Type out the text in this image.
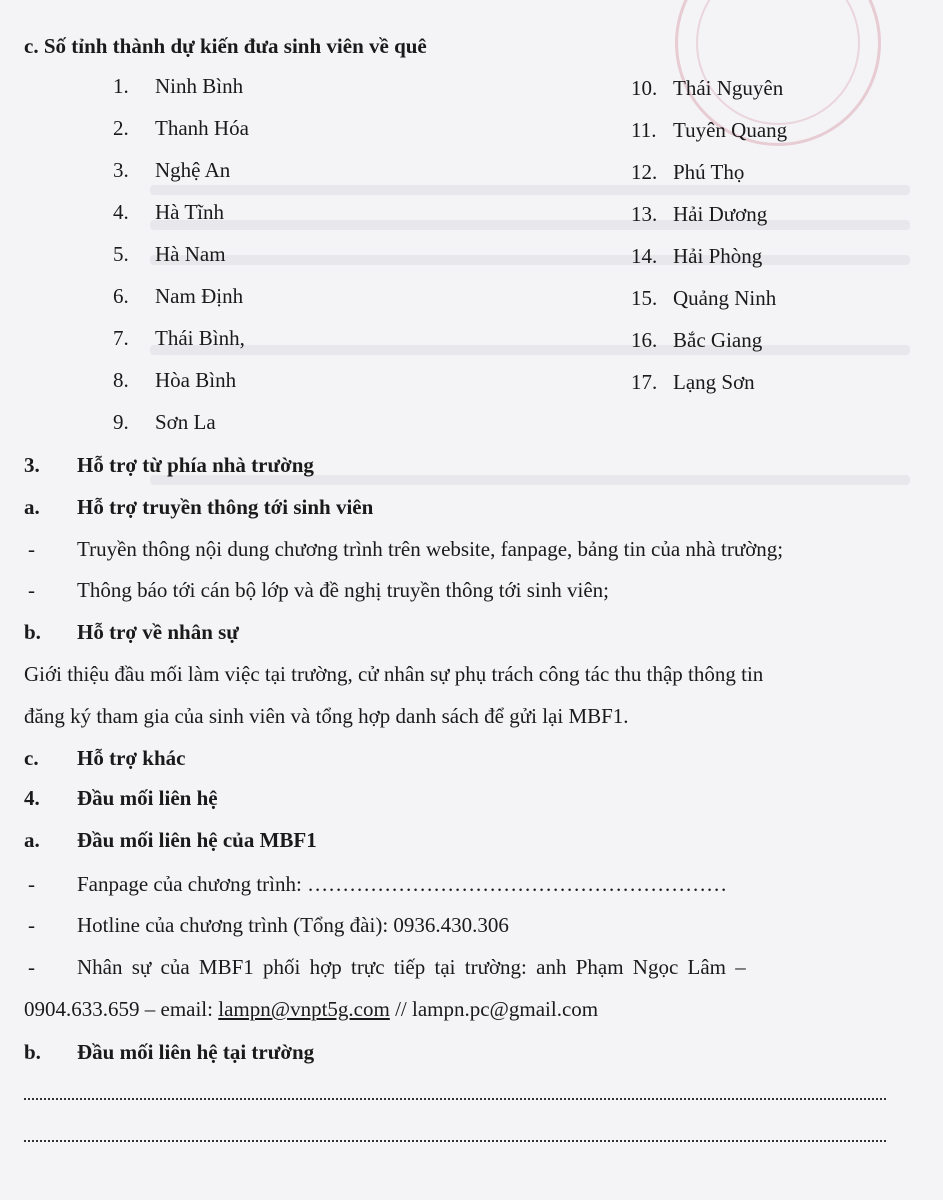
c. Số tỉnh thành dự kiến đưa sinh viên về quê
1. Ninh Bình
2. Thanh Hóa
3. Nghệ An
4. Hà Tĩnh
5. Hà Nam
6. Nam Định
7. Thái Bình,
8. Hòa Bình
9. Sơn La
10. Thái Nguyên
11. Tuyên Quang
12. Phú Thọ
13. Hải Dương
14. Hải Phòng
15. Quảng Ninh
16. Bắc Giang
17. Lạng Sơn
3. Hỗ trợ từ phía nhà trường
a. Hỗ trợ truyền thông tới sinh viên
- Truyền thông nội dung chương trình trên website, fanpage, bảng tin của nhà trường;
- Thông báo tới cán bộ lớp và đề nghị truyền thông tới sinh viên;
b. Hỗ trợ về nhân sự
Giới thiệu đầu mối làm việc tại trường, cử nhân sự phụ trách công tác thu thập thông tin
đăng ký tham gia của sinh viên và tổng hợp danh sách để gửi lại MBF1.
c. Hỗ trợ khác
4. Đầu mối liên hệ
a. Đầu mối liên hệ của MBF1
- Fanpage của chương trình: ……………………………………………………
- Hotline của chương trình (Tổng đài): 0936.430.306
- Nhân sự của MBF1 phối hợp trực tiếp tại trường: anh Phạm Ngọc Lâm –
0904.633.659 – email: lampn@vnpt5g.com // lampn.pc@gmail.com
b. Đầu mối liên hệ tại trường
